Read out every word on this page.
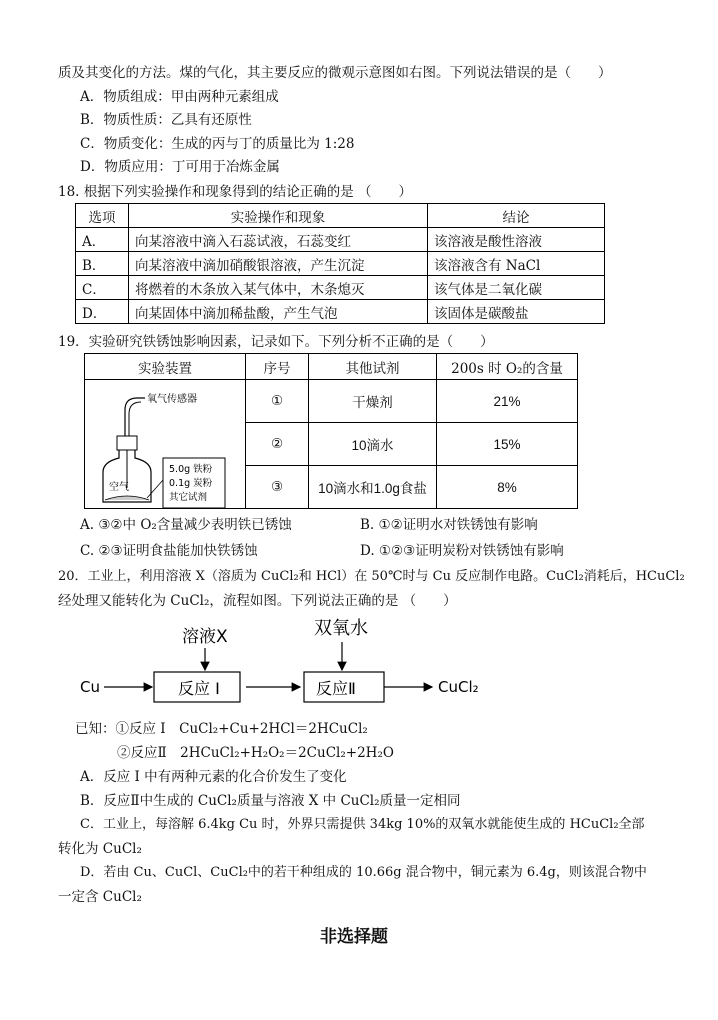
质及其变化的方法。煤的气化，其主要反应的微观示意图如右图。下列说法错误的是（　　）
A．物质组成：甲由两种元素组成
B．物质性质：乙具有还原性
C．物质变化：生成的丙与丁的质量比为 1:28
D．物质应用：丁可用于冶炼金属
18. 根据下列实验操作和现象得到的结论正确的是 （　　）
选项	实验操作和现象	结论
A．	向某溶液中滴入石蕊试液，石蕊变红	该溶液是酸性溶液
B．	向某溶液中滴加硝酸银溶液，产生沉淀	该溶液含有 NaCl
C．	将燃着的木条放入某气体中，木条熄灭	该气体是二氧化碳
D．	向某固体中滴加稀盐酸，产生气泡	该固体是碳酸盐
19．实验研究铁锈蚀影响因素，记录如下。下列分析不正确的是（　　）
实验装置	序号	其他试剂	200s 时 O₂的含量

氧气传感器
空气
5.0g 铁粉
0.1g 炭粉
其它试剂	①	干燥剂	21%
	②	10滴水	15%
	③	10滴水和1.0g食盐	8%
A. ③②中 O₂含量减少表明铁已锈蚀	B. ①②证明水对铁锈蚀有影响
C. ②③证明食盐能加快铁锈蚀	D. ①②③证明炭粉对铁锈蚀有影响
20．工业上，利用溶液 X（溶质为 CuCl₂和 HCl）在 50℃时与 Cu 反应制作电路。CuCl₂消耗后，HCuCl₂
经处理又能转化为 CuCl₂，流程如图。下列说法正确的是 （　　）
溶液X	双氧水
Cu	反应 I	反应Ⅱ	CuCl₂
已知：①反应 I　CuCl₂+Cu+2HCl＝2HCuCl₂
②反应Ⅱ　2HCuCl₂+H₂O₂＝2CuCl₂+2H₂O
A．反应 I 中有两种元素的化合价发生了变化
B．反应Ⅱ中生成的 CuCl₂质量与溶液 X 中 CuCl₂质量一定相同
C．工业上，每溶解 6.4kg Cu 时，外界只需提供 34kg 10%的双氧水就能使生成的 HCuCl₂全部
转化为 CuCl₂
D．若由 Cu、CuCl、CuCl₂中的若干种组成的 10.66g 混合物中，铜元素为 6.4g，则该混合物中
一定含 CuCl₂
非选择题
